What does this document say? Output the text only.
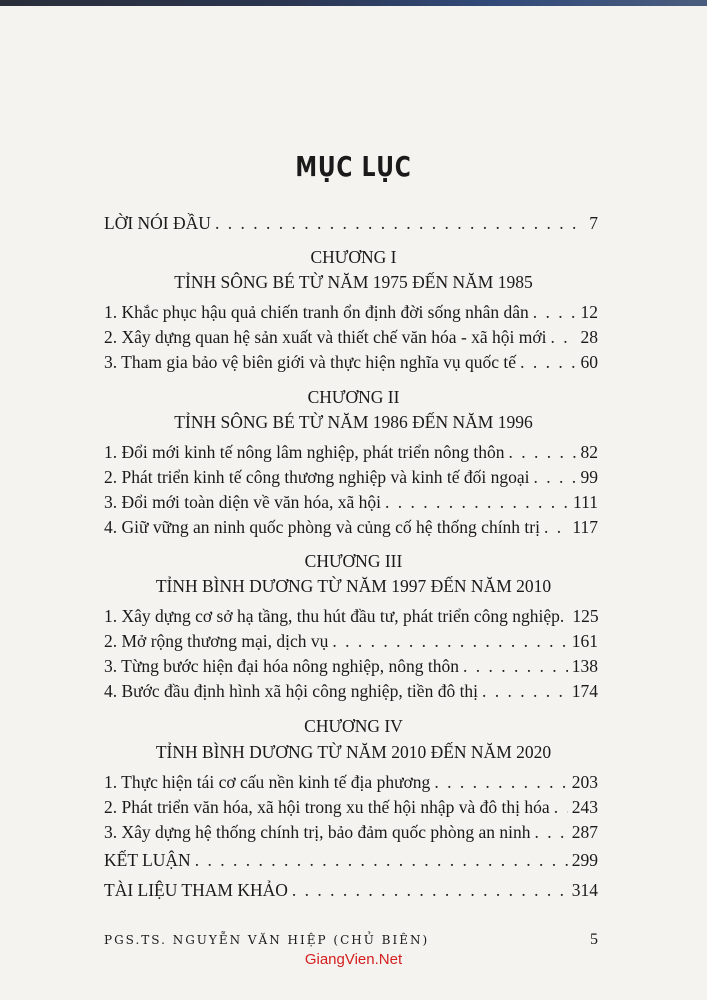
MỤC LỤC
LỜI NÓI ĐẦU . . .	7
1. Khắc phục hậu quả chiến tranh ổn định đời sống nhân dân . . .	12
2. Xây dựng quan hệ sản xuất và thiết chế văn hóa - xã hội mới . . . 28
3. Tham gia bảo vệ biên giới và thực hiện nghĩa vụ quốc tế . . .	60
1. Đổi mới kinh tế nông lâm nghiệp, phát triển nông thôn . . .	82
2. Phát triển kinh tế công thương nghiệp và kinh tế đối ngoại . . .	99
3. Đổi mới toàn diện về văn hóa, xã hội . . .	111
4. Giữ vững an ninh quốc phòng và củng cố hệ thống chính trị . . . 117
1. Xây dựng cơ sở hạ tầng, thu hút đầu tư, phát triển công nghiệp. 125
2. Mở rộng thương mại, dịch vụ . . .	161
3. Từng bước hiện đại hóa nông nghiệp, nông thôn . . .	138
4. Bước đầu định hình xã hội công nghiệp, tiền đô thị . . .	174
1. Thực hiện tái cơ cấu nền kinh tế địa phương . . .	203
2. Phát triển văn hóa, xã hội trong xu thế hội nhập và đô thị hóa . . . 243
3. Xây dựng hệ thống chính trị, bảo đảm quốc phòng an ninh . . . 287
KẾT LUẬN . . .	299
TÀI LIỆU THAM KHẢO . . .	314
CHƯƠNG I
TỈNH SÔNG BÉ TỪ NĂM 1975 ĐẾN NĂM 1985
CHƯƠNG II
TỈNH SÔNG BÉ TỪ NĂM 1986 ĐẾN NĂM 1996
CHƯƠNG III
TỈNH BÌNH DƯƠNG TỪ NĂM 1997 ĐẾN NĂM 2010
CHƯƠNG IV
TỈNH BÌNH DƯƠNG TỪ NĂM 2010 ĐẾN NĂM 2020
PGS.TS. NGUYỄN VĂN HIỆP (CHỦ BIÊN)	5
GiangVien.Net
